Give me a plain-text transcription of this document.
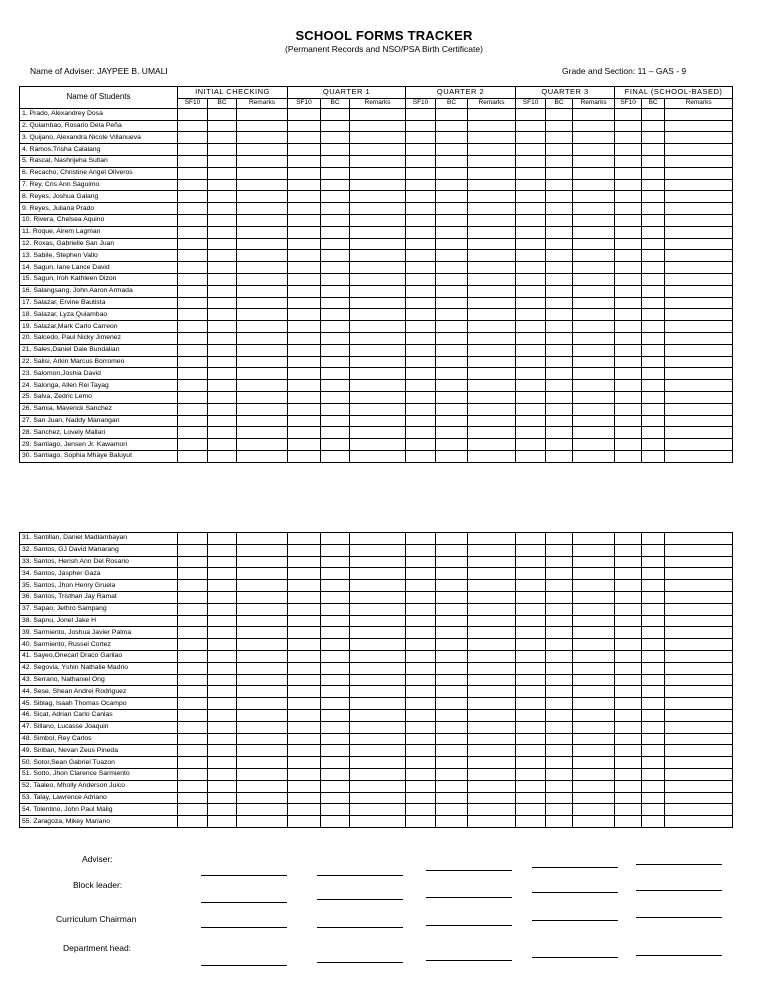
SCHOOL FORMS TRACKER
(Permanent Records and NSO/PSA Birth Certificate)
Name of Adviser: JAYPEE B. UMALI	Grade and Section: 11 – GAS - 9
Name of Students	INITIAL CHECKING			QUARTER 1			QUARTER 2			QUARTER 3			FINAL (SCHOOL-BASED)		
	SF10	BC	Remarks	SF10	BC	Remarks	SF10	BC	Remarks	SF10	BC	Remarks	SF10	BC	Remarks
1. Prado, Alexandrey Dosa															
2. Quiambao, Rosario Dela Peña															
3. Quijano, Alexandra Nicole Villanueva															
4. Ramos,Trisha Calalang															
5. Rascal, Nashrijeha Sultan															
6. Recacho, Christine Angel Oliveros															
7. Rey, Cris Ann Saguimo															
8. Reyes, Joshua Galang															
9. Reyes, Juliana Prado															
10. Rivera, Chelsea Aquino															
11. Roque, Airem Lagman															
12. Roxas, Gabrielle San Juan															
13. Sabile, Stephen Vallo															
14. Sagun, Iane Lance David															
15. Sagun, Iroh Kathleen Dizon															
16. Salangsang, John Aaron Armada															
17. Salazar, Ervine Bautista															
18. Salazar, Lyza Quiambao															
19. Salazar,Mark Carlo Carreon															
20. Salcedo, Paul Nicky Jimenez															
21. Sales,Daniel Dale Bundalian															
22. Salisi, Arkin Marcus Borromeo															
23. Salomon,Joshia David															
24. Salonga, Allen Rei Tayag															
25. Salva, Zedric Lemo															
26. Samia, Maverick Sanchez															
27. San Juan, Naddy Manangan															
28. Sanchez, Lovely Mallari															
29. Santiago, Jensen Jr. Kawamori															
30. Santiago, Sophia Mhaye Baluyut															
31. Santillan, Daniel Madlambayan															
32. Santos, GJ David Manarang															
33. Santos, Herish Ann Del Rosario															
34. Santos, Jaspher Gaza															
35. Santos, Jhon Henry Gruela															
36. Santos, Tristhan Jay Ramat															
37. Sapao, Jethro Sampang															
38. Sapnu, Jonel Jake H															
39. Sarmiento, Joshua Javier Palma															
40. Sarmiento, Russel Cortez															
41. Sayeo,Onecarl Draco Garilao															
42. Segovia, Yshin Nathalie Madrio															
43. Serrano, Nathaniel Ong															
44. Sese, Shean Andrei Rodriguez															
45. Siblag, Isaah Thomas Ocampo															
46. Sicat, Adrian Carlo Canlas															
47. Sillano, Lucasse Joaquin															
48. Simbol, Rey Carlos															
49. Siriban, Nevan Zeus Pineda															
50. Sotor,Sean Gabriel Tuazon															
51. Sotto, Jhon Clarence Sarmiento															
52. Taaleo, Mholly Anderson Juico															
53. Talay, Lawrence Adriano															
54. Tolentino, John Paul Malig															
55. Zaragoza, Mikey Mariano															
Adviser:
Block leader:
Curriculum Chairman
Department head:
